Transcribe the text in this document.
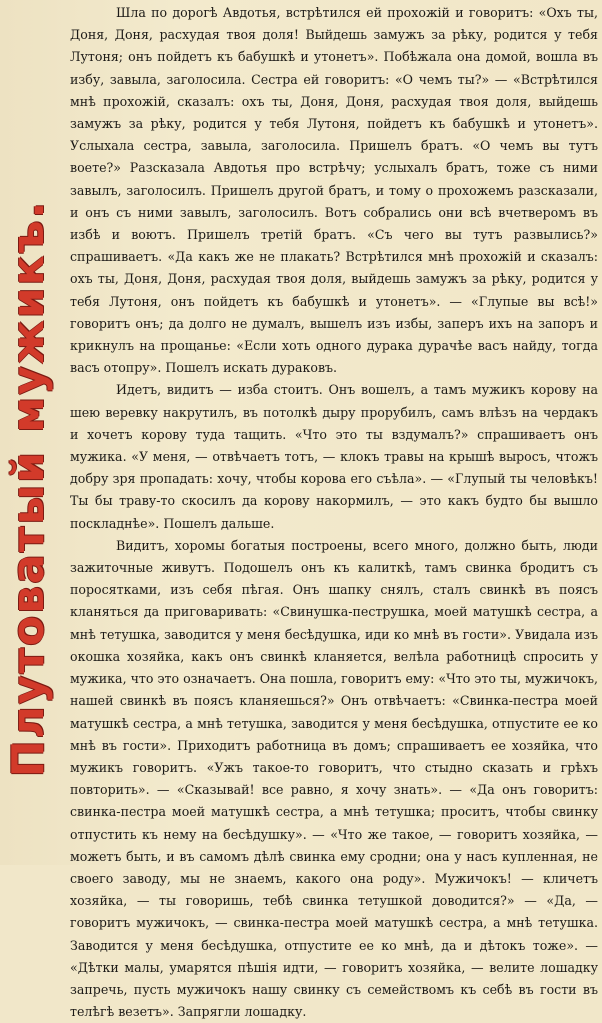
Плутоватый мужикъ.

Шла по дорогѣ Авдотья, встрѣтился ей прохожій и говоритъ: «Охъ ты, Доня, Доня, расхудая твоя доля! Выйдешь замужъ за рѣку, родится у тебя Лутоня; онъ пойдетъ къ бабушкѣ и утонетъ». Побѣжала она домой, вошла въ избу, завыла, заголосила. Сестра ей говоритъ: «О чемъ ты?» — «Встрѣтился мнѣ прохожій, сказалъ: охъ ты, Доня, Доня, расхудая твоя доля, выйдешь замужъ за рѣку, родится у тебя Лутоня, пойдетъ къ бабушкѣ и утонетъ». Услыхала сестра, завыла, заголосила. Пришелъ братъ. «О чемъ вы тутъ воете?» Разсказала Авдотья про встрѣчу; услыхалъ братъ, тоже съ ними завылъ, заголосилъ. Пришелъ другой братъ, и тому о прохожемъ разсказали, и онъ съ ними завылъ, заголосилъ. Вотъ собрались они всѣ вчетверомъ въ избѣ и воютъ. Пришелъ третій братъ. «Съ чего вы тутъ развылись?» спрашиваетъ. «Да какъ же не плакать? Встрѣтился мнѣ прохожій и сказалъ: охъ ты, Доня, Доня, расхудая твоя доля, выйдешь замужъ за рѣку, родится у тебя Лутоня, онъ пойдетъ къ бабушкѣ и утонетъ». — «Глупые вы всѣ!» говоритъ онъ; да долго не думалъ, вышелъ изъ избы, заперъ ихъ на запоръ и крикнулъ на прощанье: «Если хоть одного дурака дурачѣе васъ найду, тогда васъ отопру». Пошелъ искать дураковъ.

Идетъ, видитъ — изба стоитъ. Онъ вошелъ, а тамъ мужикъ корову на шею веревку накрутилъ, въ потолкѣ дыру прорубилъ, самъ влѣзъ на чердакъ и хочетъ корову туда тащить. «Что это ты вздумалъ?» спрашиваетъ онъ мужика. «У меня, — отвѣчаетъ тотъ, — клокъ травы на крышѣ выросъ, чтожъ добру зря пропадать: хочу, чтобы корова его съѣла». — «Глупый ты человѣкъ! Ты бы траву-то скосилъ да корову накормилъ, — это какъ будто бы вышло поскладнѣе». Пошелъ дальше.

Видитъ, хоромы богатыя построены, всего много, должно быть, люди зажиточные живутъ. Подошелъ онъ къ калиткѣ, тамъ свинка бродитъ съ поросятками, изъ себя пѣгая. Онъ шапку снялъ, сталъ свинкѣ въ поясъ кланяться да приговаривать: «Свинушка-пеструшка, моей матушкѣ сестра, а мнѣ тетушка, заводится у меня бесѣдушка, иди ко мнѣ въ гости». Увидала изъ окошка хозяйка, какъ онъ свинкѣ кланяется, велѣла работницѣ спросить у мужика, что это означаетъ. Она пошла, говоритъ ему: «Что это ты, мужичокъ, нашей свинкѣ въ поясъ кланяешься?» Онъ отвѣчаетъ: «Свинка-пестра моей матушкѣ сестра, а мнѣ тетушка, заводится у меня бесѣдушка, отпустите ее ко мнѣ въ гости». Приходитъ работница въ домъ; спрашиваетъ ее хозяйка, что мужикъ говоритъ. «Ужъ такое-то говоритъ, что стыдно сказать и грѣхъ повторить». — «Сказывай! все равно, я хочу знать». — «Да онъ говоритъ: свинка-пестра моей матушкѣ сестра, а мнѣ тетушка; проситъ, чтобы свинку отпустить къ нему на бесѣдушку». — «Что же такое, — говоритъ хозяйка, — можетъ быть, и въ самомъ дѣлѣ свинка ему сродни; она у насъ купленная, не своего заводу, мы не знаемъ, какого она роду». Мужичокъ! — кличетъ хозяйка, — ты говоришь, тебѣ свинка тетушкой доводится?» — «Да, — говоритъ мужичокъ, — свинка-пестра моей матушкѣ сестра, а мнѣ тетушка. Заводится у меня бесѣдушка, отпустите ее ко мнѣ, да и дѣтокъ тоже». — «Дѣтки малы, умарятся пѣшія идти, — говоритъ хозяйка, — велите лошадку запречь, пусть мужичокъ нашу свинку съ семействомъ къ себѣ въ гости въ телѣгѣ везетъ». Запрягли лошадку.
